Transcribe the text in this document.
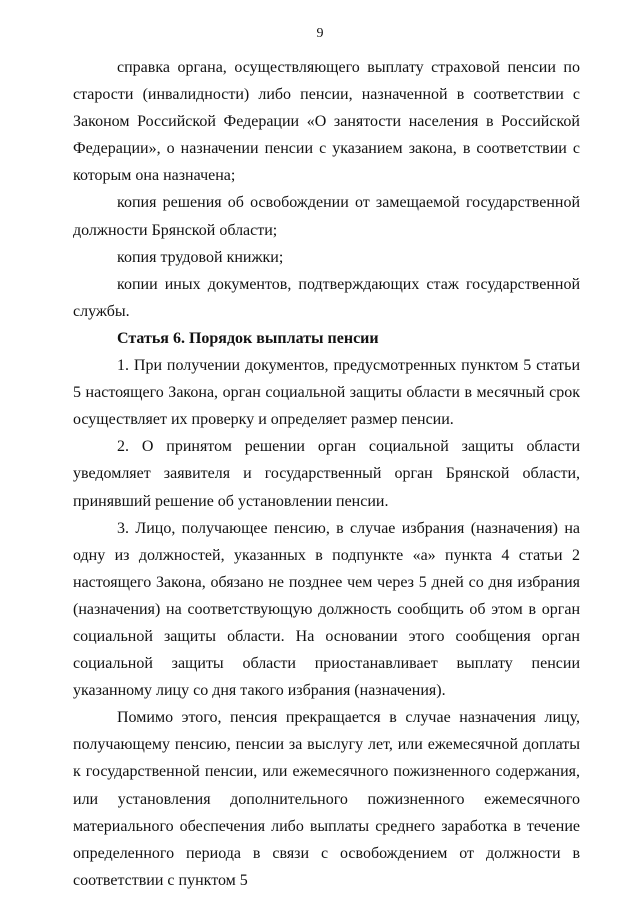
9

справка органа, осуществляющего выплату страховой пенсии по старости (инвалидности) либо пенсии, назначенной в соответствии с Законом Российской Федерации «О занятости населения в Российской Федерации», о назначении пенсии с указанием закона, в соответствии с которым она назначена;

копия решения об освобождении от замещаемой государственной должности Брянской области;

копия трудовой книжки;

копии иных документов, подтверждающих стаж государственной службы.

Статья 6. Порядок выплаты пенсии

1. При получении документов, предусмотренных пунктом 5 статьи 5 настоящего Закона, орган социальной защиты области в месячный срок осуществляет их проверку и определяет размер пенсии.

2. О принятом решении орган социальной защиты области уведомляет заявителя и государственный орган Брянской области, принявший решение об установлении пенсии.

3. Лицо, получающее пенсию, в случае избрания (назначения) на одну из должностей, указанных в подпункте «а» пункта 4 статьи 2 настоящего Закона, обязано не позднее чем через 5 дней со дня избрания (назначения) на соответствующую должность сообщить об этом в орган социальной защиты области. На основании этого сообщения орган социальной защиты области приостанавливает выплату пенсии указанному лицу со дня такого избрания (назначения).

Помимо этого, пенсия прекращается в случае назначения лицу, получающему пенсию, пенсии за выслугу лет, или ежемесячной доплаты к государственной пенсии, или ежемесячного пожизненного содержания, или установления дополнительного пожизненного ежемесячного материального обеспечения либо выплаты среднего заработка в течение определенного периода в связи с освобождением от должности в соответствии с пунктом 5
